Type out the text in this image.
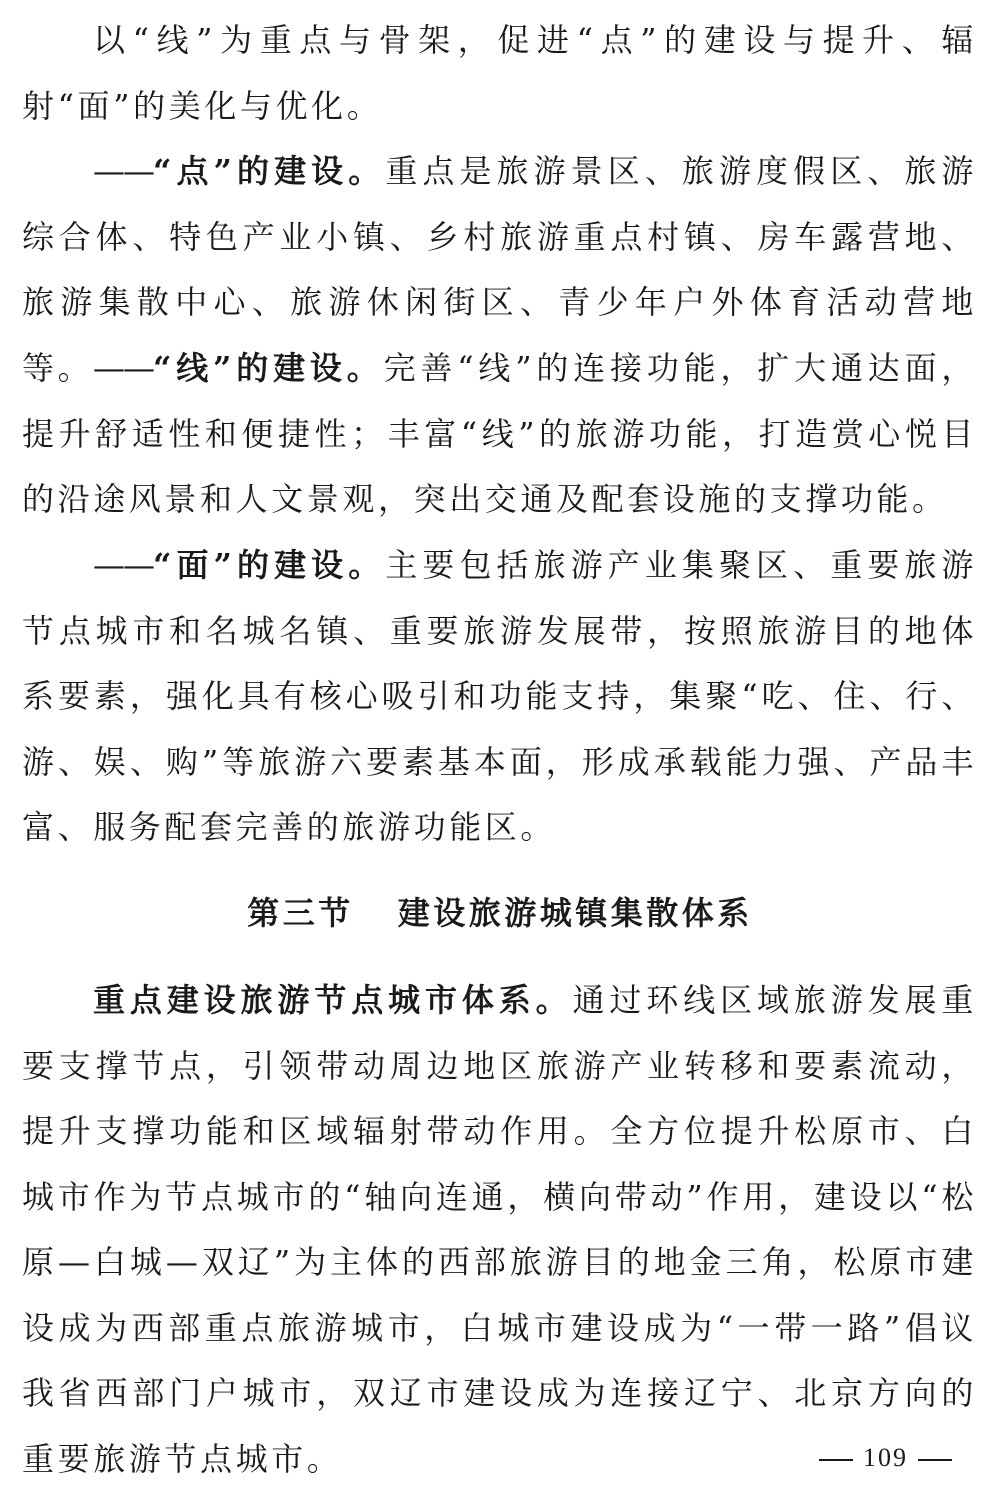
以“线”为重点与骨架，促进“点”的建设与提升、辐射“面”的美化与优化。

——“点”的建设。重点是旅游景区、旅游度假区、旅游综合体、特色产业小镇、乡村旅游重点村镇、房车露营地、旅游集散中心、旅游休闲街区、青少年户外体育活动营地等。 ——“线”的建设。完善“线”的连接功能，扩大通达面，提升舒适性和便捷性；丰富“线”的旅游功能，打造赏心悦目的沿途风景和人文景观，突出交通及配套设施的支撑功能。

——“面”的建设。主要包括旅游产业集聚区、重要旅游节点城市和名城名镇、重要旅游发展带，按照旅游目的地体系要素，强化具有核心吸引和功能支持，集聚“吃、住、行、游、娱、购”等旅游六要素基本面，形成承载能力强、产品丰富、服务配套完善的旅游功能区。

第三节 建设旅游城镇集散体系

重点建设旅游节点城市体系。通过环线区域旅游发展重要支撑节点，引领带动周边地区旅游产业转移和要素流动，提升支撑功能和区域辐射带动作用。全方位提升松原市、白城市作为节点城市的“轴向连通，横向带动”作用，建设以“松原—白城—双辽”为主体的西部旅游目的地金三角，松原市建设成为西部重点旅游城市，白城市建设成为“一带一路”倡议我省西部门户城市，双辽市建设成为连接辽宁、北京方向的重要旅游节点城市。	109
